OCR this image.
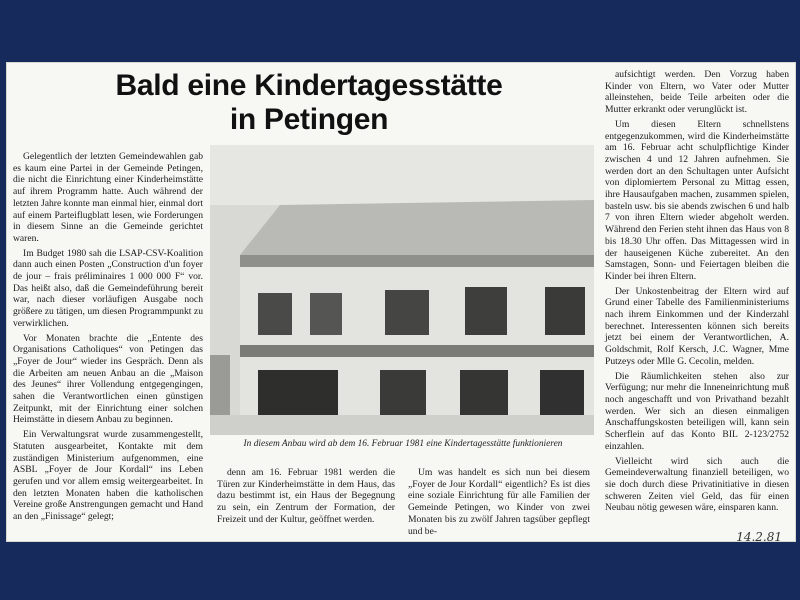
Bald eine Kindertagesstätte in Petingen

Gelegentlich der letzten Gemeindewahlen gab es kaum eine Partei in der Gemeinde Petingen, die nicht die Einrichtung einer Kinderheimstätte auf ihrem Programm hatte. Auch während der letzten Jahre konnte man einmal hier, einmal dort auf einem Parteiflugblatt lesen, wie Forderungen in diesem Sinne an die Gemeinde gerichtet waren.

Im Budget 1980 sah die LSAP-CSV-Koalition dann auch einen Posten „Construction d'un foyer de jour – frais préliminaires 1 000 000 F“ vor. Das heißt also, daß die Gemeindeführung bereit war, nach dieser vorläufigen Ausgabe noch größere zu tätigen, um diesen Programmpunkt zu verwirklichen.

Vor Monaten brachte die „Entente des Organisations Catholiques“ von Petingen das „Foyer de Jour“ wieder ins Gespräch. Denn als die Arbeiten am neuen Anbau an die „Maison des Jeunes“ ihrer Vollendung entgegengingen, sahen die Verantwortlichen einen günstigen Zeitpunkt, mit der Einrichtung einer solchen Heimstätte in diesem Anbau zu beginnen.

Ein Verwaltungsrat wurde zusammengestellt, Statuten ausgearbeitet, Kontakte mit dem zuständigen Ministerium aufgenommen, eine ASBL „Foyer de Jour Kordall“ ins Leben gerufen und vor allem emsig weitergearbeitet. In den letzten Monaten haben die katholischen Vereine große Anstrengungen gemacht und Hand an den „Finissage“ gelegt;

In diesem Anbau wird ab dem 16. Februar 1981 eine Kindertagesstätte funktionieren

denn am 16. Februar 1981 werden die Türen zur Kinderheimstätte in dem Haus, das dazu bestimmt ist, ein Haus der Begegnung zu sein, ein Zentrum der Formation, der Freizeit und der Kultur, geöffnet werden.

Um was handelt es sich nun bei diesem „Foyer de Jour Kordall“ eigentlich? Es ist dies eine soziale Einrichtung für alle Familien der Gemeinde Petingen, wo Kinder von zwei Monaten bis zu zwölf Jahren tagsüber gepflegt und be-

aufsichtigt werden. Den Vorzug haben Kinder von Eltern, wo Vater oder Mutter alleinstehen, beide Teile arbeiten oder die Mutter erkrankt oder verunglückt ist.

Um diesen Eltern schnellstens entgegenzukommen, wird die Kinderheimstätte am 16. Februar acht schulpflichtige Kinder zwischen 4 und 12 Jahren aufnehmen. Sie werden dort an den Schultagen unter Aufsicht von diplomiertem Personal zu Mittag essen, ihre Hausaufgaben machen, zusammen spielen, basteln usw. bis sie abends zwischen 6 und halb 7 von ihren Eltern wieder abgeholt werden. Während den Ferien steht ihnen das Haus von 8 bis 18.30 Uhr offen. Das Mittagessen wird in der hauseigenen Küche zubereitet. An den Samstagen, Sonn- und Feiertagen bleiben die Kinder bei ihren Eltern.

Der Unkostenbeitrag der Eltern wird auf Grund einer Tabelle des Familienministeriums nach ihrem Einkommen und der Kinderzahl berechnet. Interessenten können sich bereits jetzt bei einem der Verantwortlichen, A. Goldschmit, Rolf Kersch, J.C. Wagner, Mme Putzeys oder Mlle G. Cecolin, melden.

Die Räumlichkeiten stehen also zur Verfügung; nur mehr die Inneneinrichtung muß noch angeschafft und von Privathand bezahlt werden. Wer sich an diesen einmaligen Anschaffungskosten beteiligen will, kann sein Scherflein auf das Konto BIL 2-123/2752 einzahlen.

Vielleicht wird sich auch die Gemeindeverwaltung finanziell beteiligen, wo sie doch durch diese Privatinitiative in diesen schweren Zeiten viel Geld, das für einen Neubau nötig gewesen wäre, einsparen kann.

14.2.81
